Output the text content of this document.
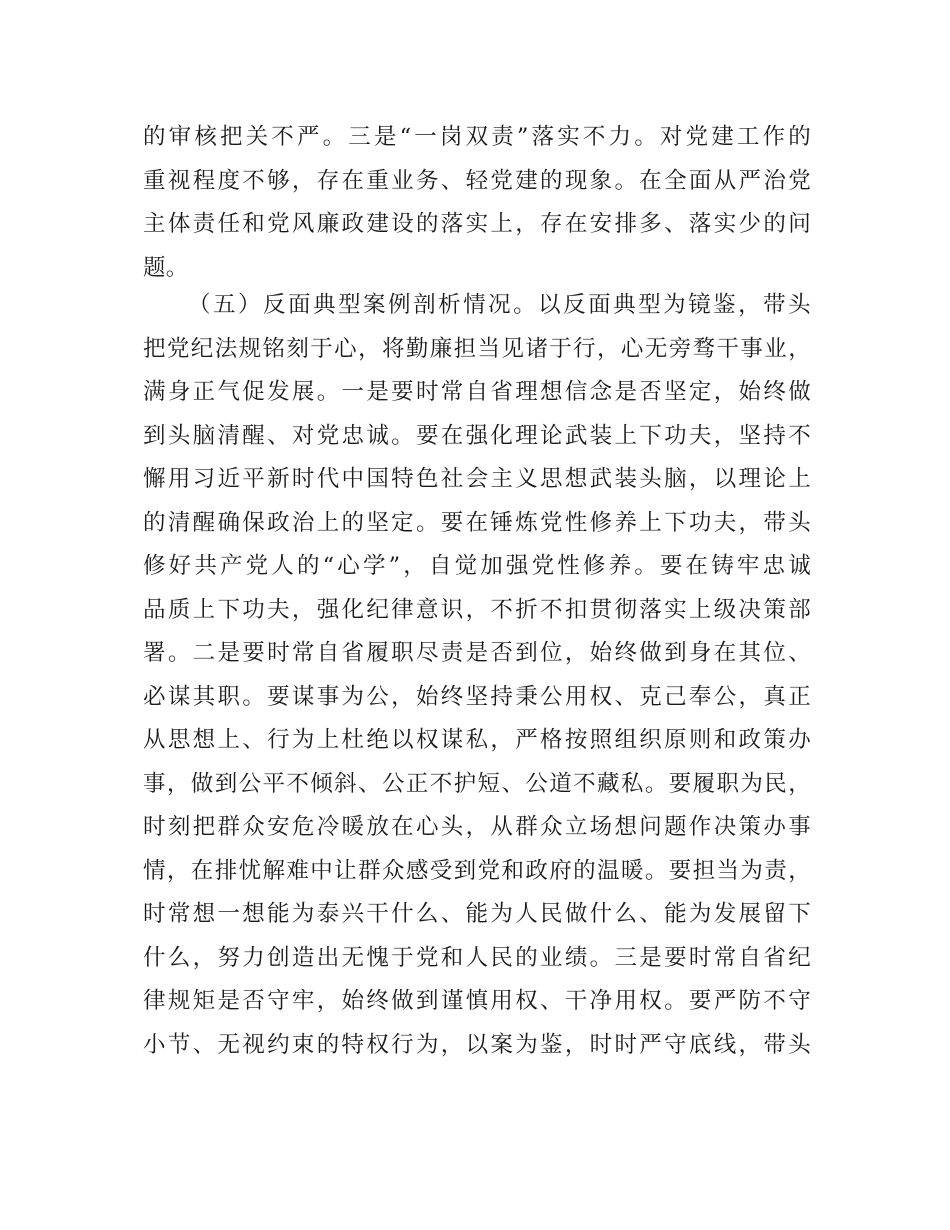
的审核把关不严。三是“一岗双责”落实不力。对党建工作的
重视程度不够，存在重业务、轻党建的现象。在全面从严治党
主体责任和党风廉政建设的落实上，存在安排多、落实少的问
题。
（五）反面典型案例剖析情况。以反面典型为镜鉴，带头
把党纪法规铭刻于心，将勤廉担当见诸于行，心无旁骛干事业，
满身正气促发展。一是要时常自省理想信念是否坚定，始终做
到头脑清醒、对党忠诚。要在强化理论武装上下功夫，坚持不
懈用习近平新时代中国特色社会主义思想武装头脑，以理论上
的清醒确保政治上的坚定。要在锤炼党性修养上下功夫，带头
修好共产党人的“心学”，自觉加强党性修养。要在铸牢忠诚
品质上下功夫，强化纪律意识，不折不扣贯彻落实上级决策部
署。二是要时常自省履职尽责是否到位，始终做到身在其位、
必谋其职。要谋事为公，始终坚持秉公用权、克己奉公，真正
从思想上、行为上杜绝以权谋私，严格按照组织原则和政策办
事，做到公平不倾斜、公正不护短、公道不藏私。要履职为民，
时刻把群众安危冷暖放在心头，从群众立场想问题作决策办事
情，在排忧解难中让群众感受到党和政府的温暖。要担当为责，
时常想一想能为泰兴干什么、能为人民做什么、能为发展留下
什么，努力创造出无愧于党和人民的业绩。三是要时常自省纪
律规矩是否守牢，始终做到谨慎用权、干净用权。要严防不守
小节、无视约束的特权行为，以案为鉴，时时严守底线，带头
